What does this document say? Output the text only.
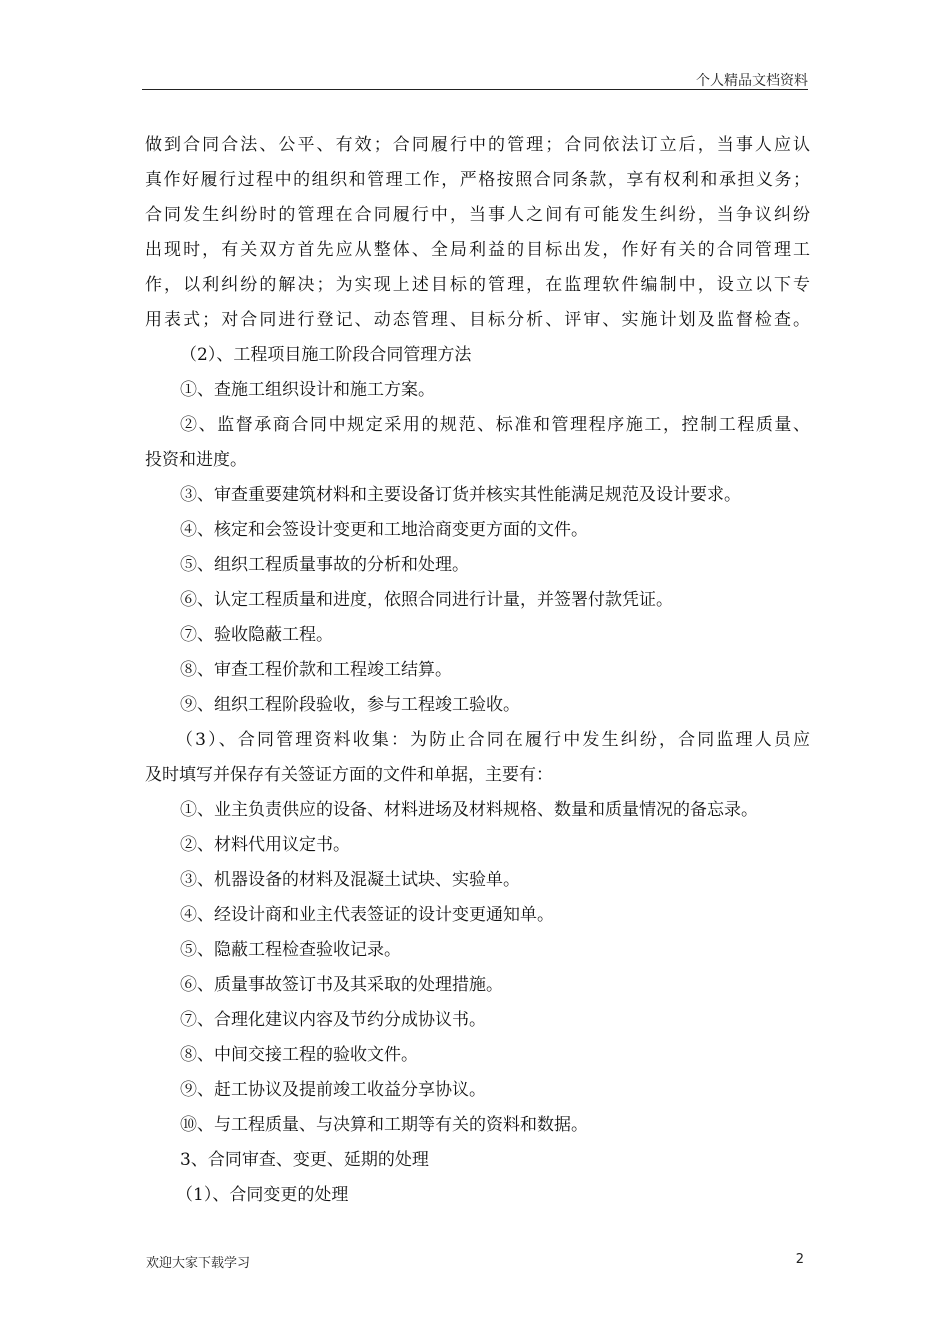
个人精品文档资料
做到合同合法、公平、有效；合同履行中的管理；合同依法订立后，当事人应认
真作好履行过程中的组织和管理工作，严格按照合同条款，享有权利和承担义务；
合同发生纠纷时的管理在合同履行中，当事人之间有可能发生纠纷，当争议纠纷
出现时，有关双方首先应从整体、全局利益的目标出发，作好有关的合同管理工
作，以利纠纷的解决；为实现上述目标的管理，在监理软件编制中，设立以下专
用表式；对合同进行登记、动态管理、目标分析、评审、实施计划及监督检查。
（2）、工程项目施工阶段合同管理方法
①、查施工组织设计和施工方案。
②、监督承商合同中规定采用的规范、标准和管理程序施工，控制工程质量、
投资和进度。
③、审查重要建筑材料和主要设备订货并核实其性能满足规范及设计要求。
④、核定和会签设计变更和工地洽商变更方面的文件。
⑤、组织工程质量事故的分析和处理。
⑥、认定工程质量和进度，依照合同进行计量，并签署付款凭证。
⑦、验收隐蔽工程。
⑧、审查工程价款和工程竣工结算。
⑨、组织工程阶段验收，参与工程竣工验收。
（3）、合同管理资料收集：为防止合同在履行中发生纠纷，合同监理人员应
及时填写并保存有关签证方面的文件和单据，主要有：
①、业主负责供应的设备、材料进场及材料规格、数量和质量情况的备忘录。
②、材料代用议定书。
③、机器设备的材料及混凝土试块、实验单。
④、经设计商和业主代表签证的设计变更通知单。
⑤、隐蔽工程检查验收记录。
⑥、质量事故签订书及其采取的处理措施。
⑦、合理化建议内容及节约分成协议书。
⑧、中间交接工程的验收文件。
⑨、赶工协议及提前竣工收益分享协议。
⑩、与工程质量、与决算和工期等有关的资料和数据。
3、合同审查、变更、延期的处理
（1）、合同变更的处理
欢迎大家下载学习	2
